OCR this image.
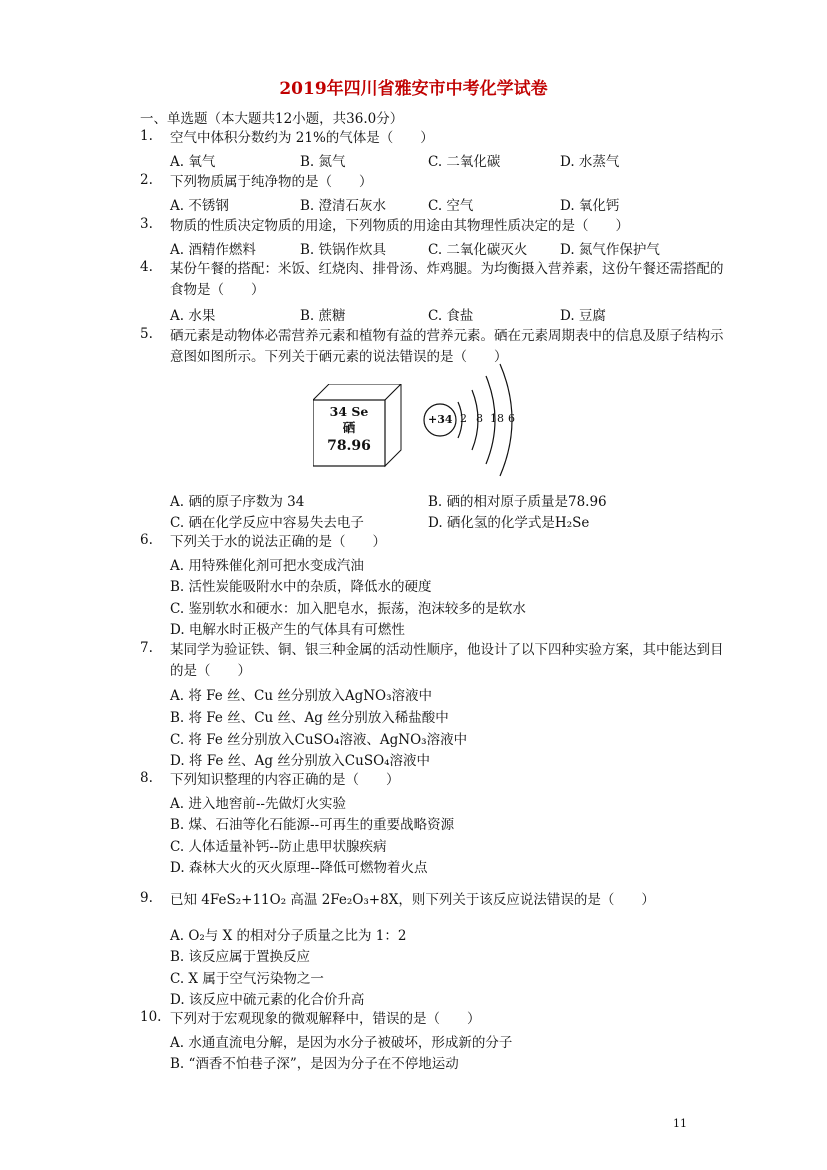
2019年四川省雅安市中考化学试卷
一、单选题（本大题共12小题，共36.0分）
1.	空气中体积分数约为 21%的气体是（　　）
A. 氧气	B. 氮气	C. 二氧化碳	D. 水蒸气
2.	下列物质属于纯净物的是（　　）
A. 不锈钢	B. 澄清石灰水	C. 空气	D. 氧化钙
3.	物质的性质决定物质的用途，下列物质的用途由其物理性质决定的是（　　）
A. 酒精作燃料	B. 铁锅作炊具	C. 二氧化碳灭火 D. 氮气作保护气
4.	某份午餐的搭配：米饭、红烧肉、排骨汤、炸鸡腿。为均衡摄入营养素，这份午餐还需搭配的食物是（　　）
A. 水果	B. 蔗糖	C. 食盐	D. 豆腐
5.	硒元素是动物体必需营养元素和植物有益的营养元素。硒在元素周期表中的信息及原子结构示意图如图所示。下列关于硒元素的说法错误的是（　　）
34 Se
硒
78.96
+34 2 8 18 6
A. 硒的原子序数为 34	B. 硒的相对原子质量是78.96
C. 硒在化学反应中容易失去电子	D. 硒化氢的化学式是H₂Se
6.	下列关于水的说法正确的是（　　）
A. 用特殊催化剂可把水变成汽油
B. 活性炭能吸附水中的杂质，降低水的硬度
C. 鉴别软水和硬水：加入肥皂水，振荡，泡沫较多的是软水
D. 电解水时正极产生的气体具有可燃性
7.	某同学为验证铁、铜、银三种金属的活动性顺序，他设计了以下四种实验方案，其中能达到目的是（　　）
A. 将 Fe 丝、Cu 丝分别放入AgNO₃溶液中
B. 将 Fe 丝、Cu 丝、Ag 丝分别放入稀盐酸中
C. 将 Fe 丝分别放入CuSO₄溶液、AgNO₃溶液中
D. 将 Fe 丝、Ag 丝分别放入CuSO₄溶液中
8.	下列知识整理的内容正确的是（　　）
A. 进入地窖前--先做灯火实验
B. 煤、石油等化石能源--可再生的重要战略资源
C. 人体适量补钙--防止患甲状腺疾病
D. 森林大火的灭火原理--降低可燃物着火点
9.	已知 4FeS₂+11O₂ 高温 2Fe₂O₃+8X，则下列关于该反应说法错误的是（　　）
A. O₂与 X 的相对分子质量之比为 1：2
B. 该反应属于置换反应
C. X 属于空气污染物之一
D. 该反应中硫元素的化合价升高
10. 下列对于宏观现象的微观解释中，错误的是（　　）
A. 水通直流电分解，是因为水分子被破坏，形成新的分子
B. “酒香不怕巷子深”，是因为分子在不停地运动
11
